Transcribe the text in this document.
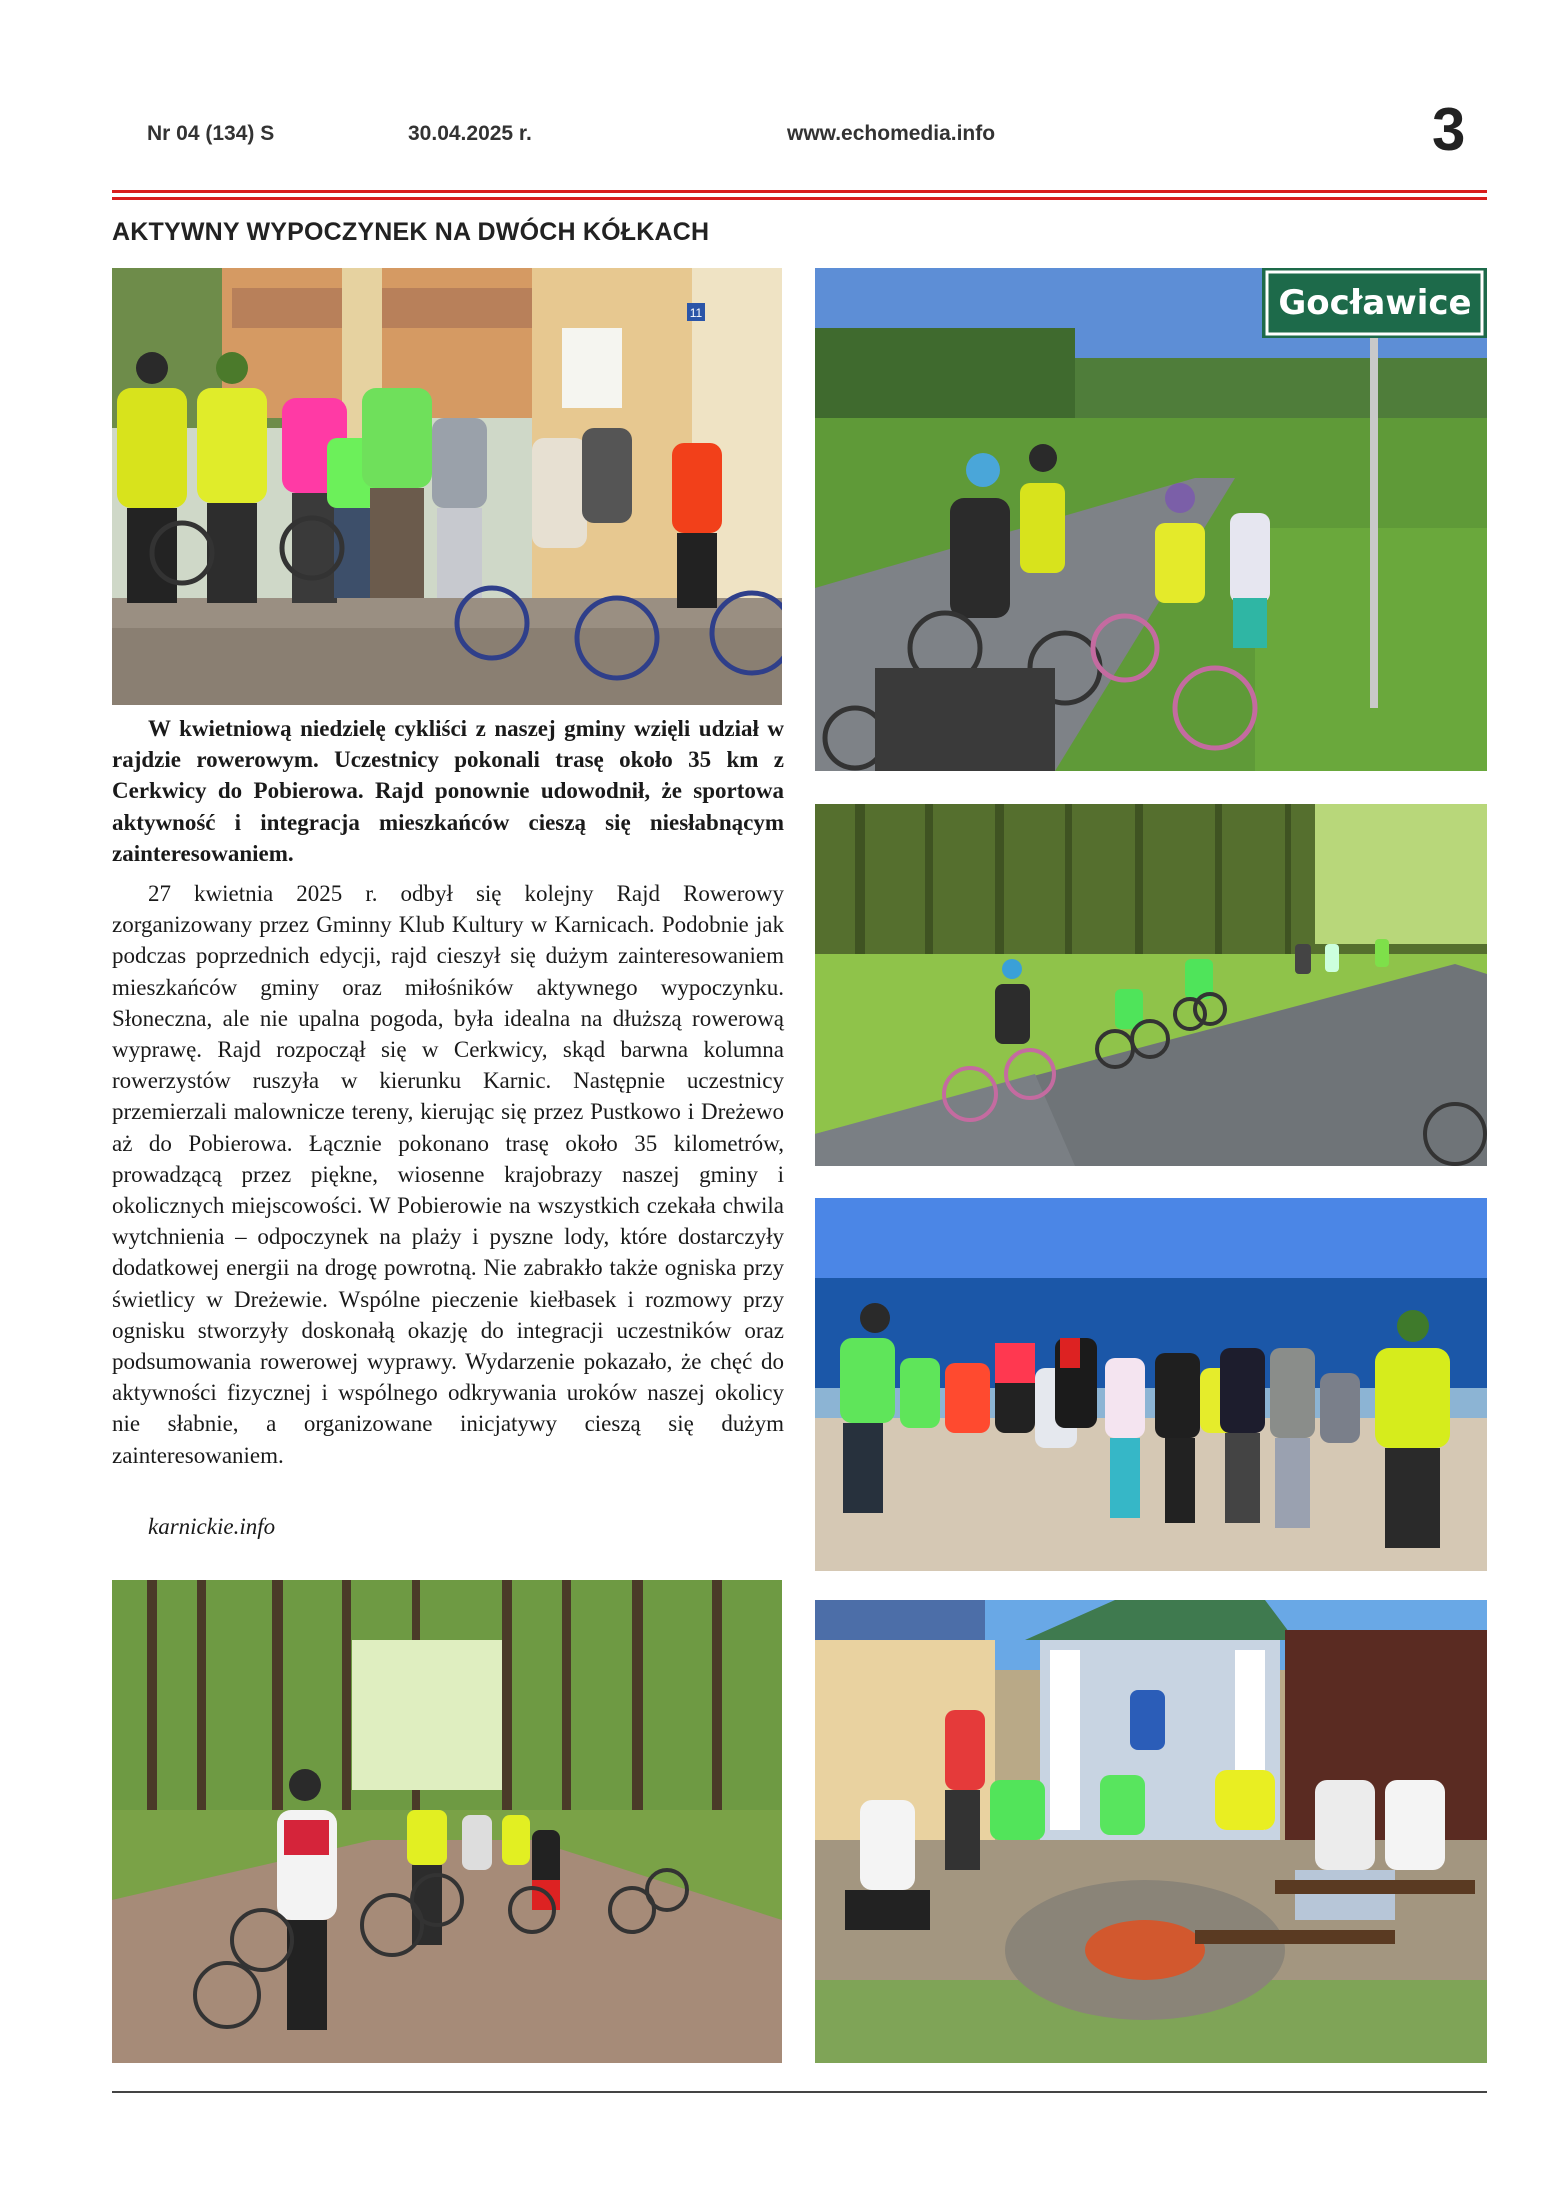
Nr 04 (134) S	30.04.2025 r.	www.echomedia.info	3
AKTYWNY WYPOCZYNEK NA DWÓCH KÓŁKACH
11	Gocławice

W kwietniową niedzielę cykliści z naszej gminy wzięli udział w rajdzie rowerowym. Uczestnicy pokonali trasę około 35 km z Cerkwicy do Pobierowa. Rajd ponownie udowodnił, że sportowa aktywność i integracja mieszkańców cieszą się niesłabnącym zainteresowaniem.

27 kwietnia 2025 r. odbył się kolejny Rajd Rowerowy zorganizowany przez Gminny Klub Kultury w Karnicach. Podobnie jak podczas poprzednich edycji, rajd cieszył się dużym zainteresowaniem mieszkańców gminy oraz miłośników aktywnego wypoczynku. Słoneczna, ale nie upalna pogoda, była idealna na dłuższą rowerową wyprawę. Rajd rozpoczął się w Cerkwicy, skąd barwna kolumna rowerzystów ruszyła w kierunku Karnic. Następnie uczestnicy przemierzali malownicze tereny, kierując się przez Pustkowo i Dreżewo aż do Pobierowa. Łącznie pokonano trasę około 35 kilometrów, prowadzącą przez piękne, wiosenne krajobrazy naszej gminy i okolicznych miejscowości. W Pobierowie na wszystkich czekała chwila wytchnienia – odpoczynek na plaży i pyszne lody, które dostarczyły dodatkowej energii na drogę powrotną. Nie zabrakło także ogniska przy świetlicy w Dreżewie. Wspólne pieczenie kiełbasek i rozmowy przy ognisku stworzyły doskonałą okazję do integracji uczestników oraz podsumowania rowerowej wyprawy. Wydarzenie pokazało, że chęć do aktywności fizycznej i wspólnego odkrywania uroków naszej okolicy nie słabnie, a organizowane inicjatywy cieszą się dużym zainteresowaniem.

karnickie.info
